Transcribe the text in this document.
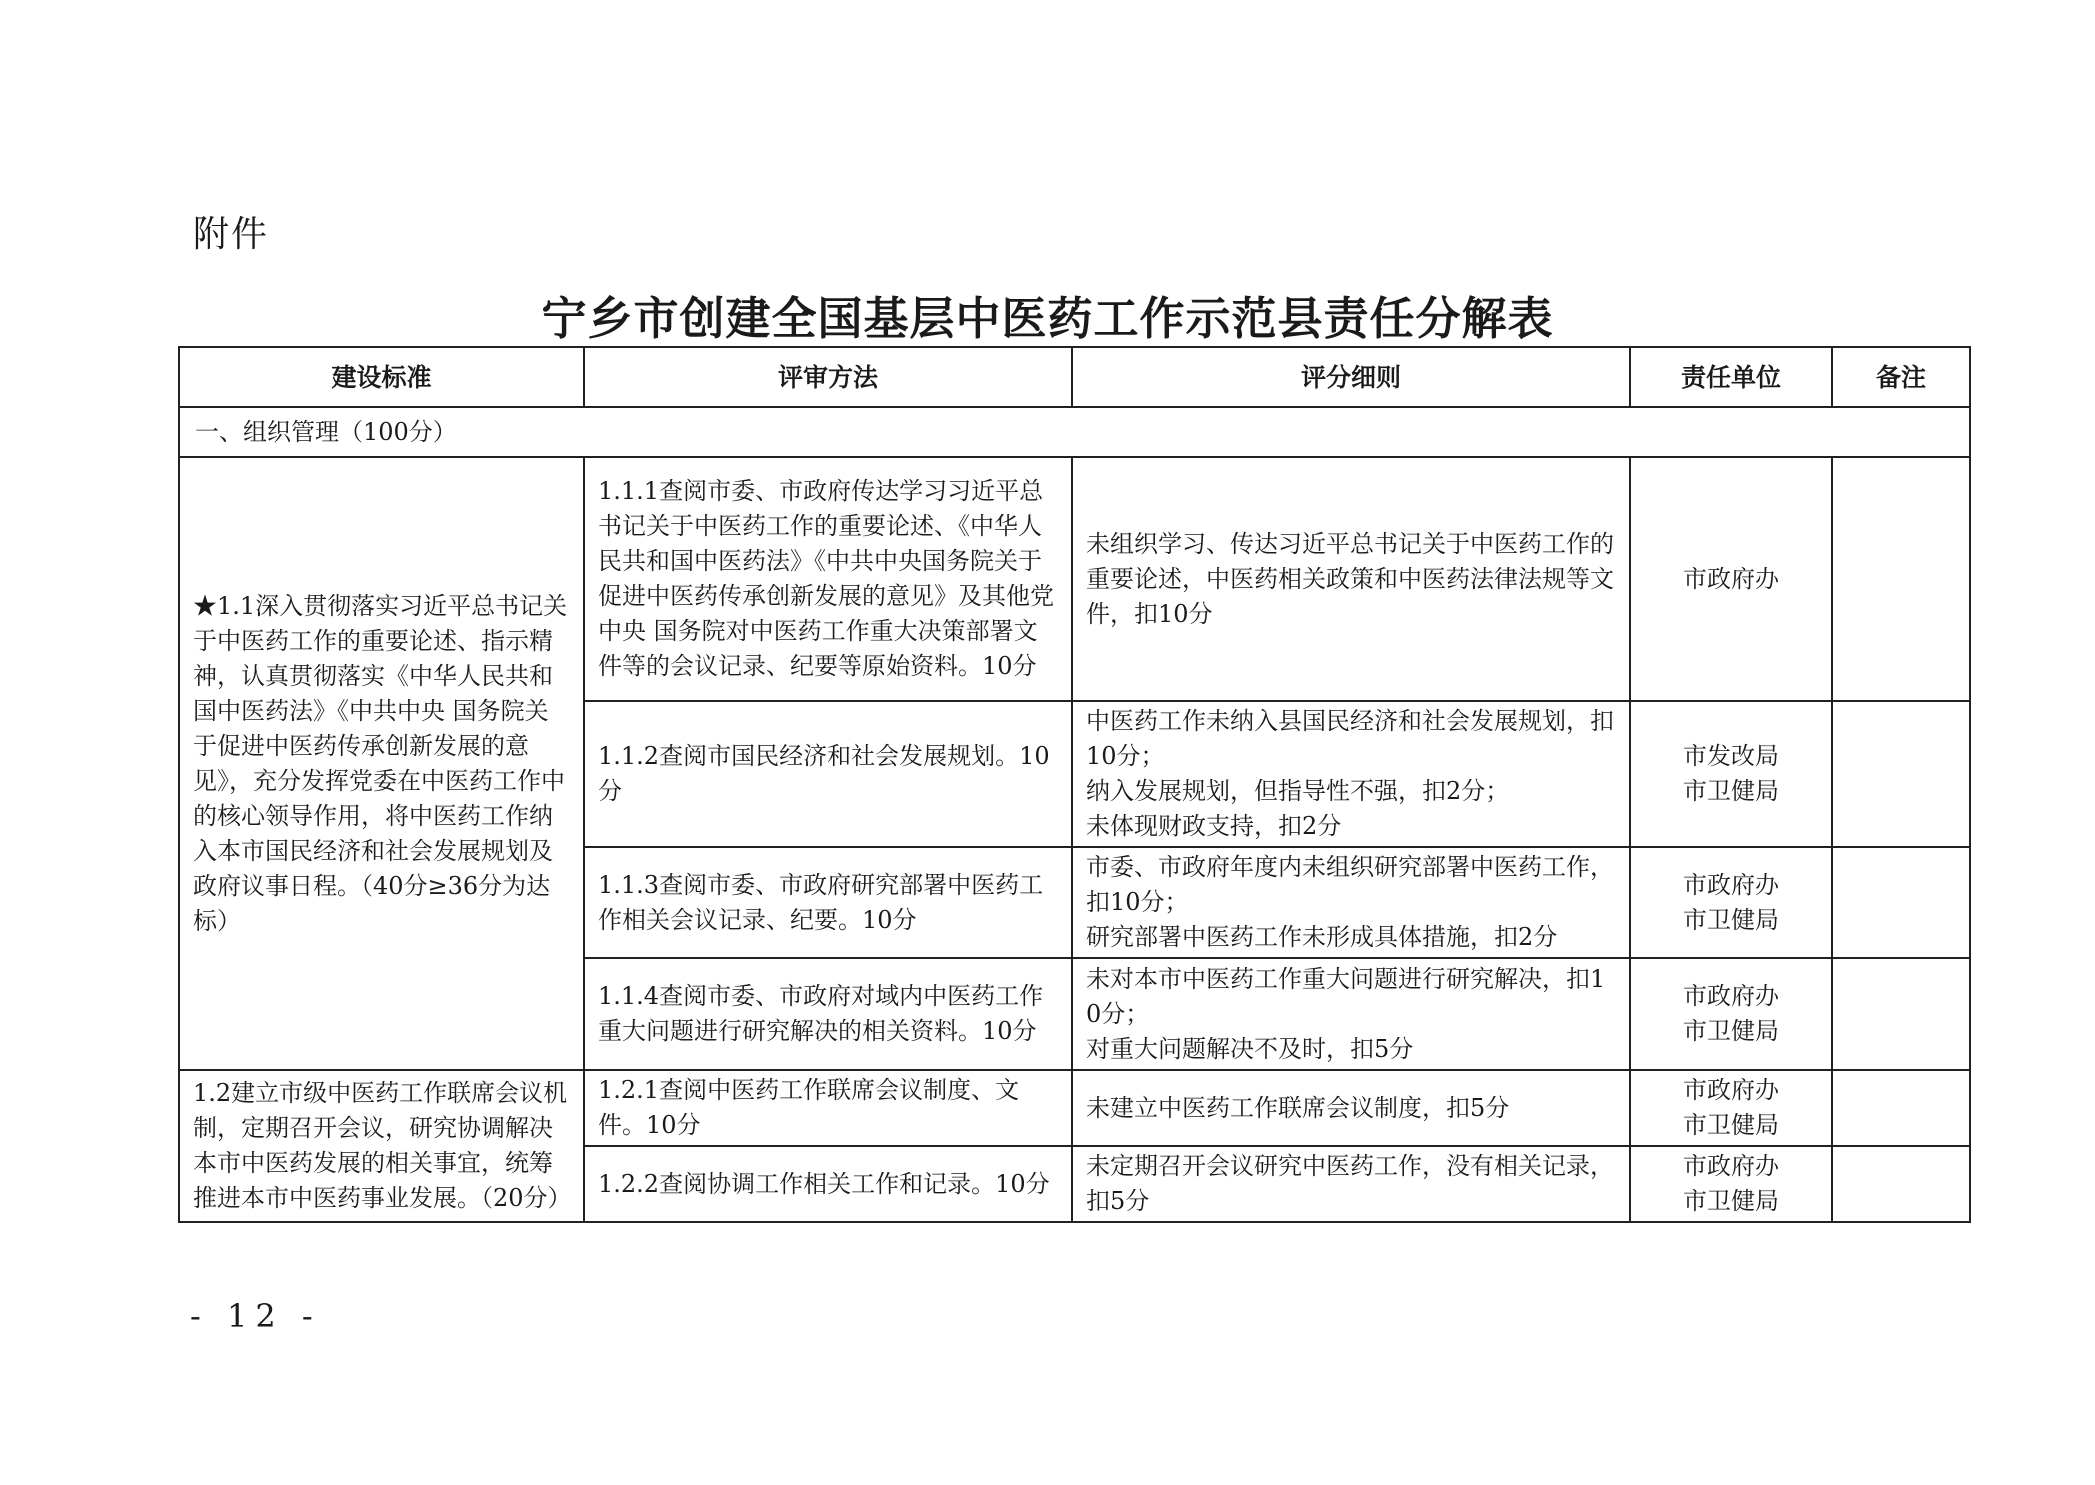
附件
宁乡市创建全国基层中医药工作示范县责任分解表
建设标准	评审方法	评分细则	责任单位	备注
一、组织管理（100分）				
★1.1深入贯彻落实习近平总书记关于中医药工作的重要论述、指示精神，认真贯彻落实《中华人民共和国中医药法》《中共中央 国务院关于促进中医药传承创新发展的意见》，充分发挥党委在中医药工作中的核心领导作用，将中医药工作纳入本市国民经济和社会发展规划及政府议事日程。（40分≥36分为达标）	1.1.1查阅市委、市政府传达学习习近平总书记关于中医药工作的重要论述、《中华人民共和国中医药法》《中共中央国务院关于促进中医药传承创新发展的意见》及其他党中央 国务院对中医药工作重大决策部署文件等的会议记录、纪要等原始资料。10分	未组织学习、传达习近平总书记关于中医药工作的重要论述，中医药相关政策和中医药法律法规等文件，扣10分	市政府办	
	1.1.2查阅市国民经济和社会发展规划。10分	中医药工作未纳入县国民经济和社会发展规划，扣10分；
纳入发展规划，但指导性不强，扣2分；
未体现财政支持，扣2分	市发改局
市卫健局	
	1.1.3查阅市委、市政府研究部署中医药工作相关会议记录、纪要。10分	市委、市政府年度内未组织研究部署中医药工作，扣10分；
研究部署中医药工作未形成具体措施，扣2分	市政府办
市卫健局	
	1.1.4查阅市委、市政府对域内中医药工作重大问题进行研究解决的相关资料。10分	未对本市中医药工作重大问题进行研究解决，扣10分；
对重大问题解决不及时，扣5分	市政府办
市卫健局	
1.2建立市级中医药工作联席会议机制，定期召开会议，研究协调解决本市中医药发展的相关事宜，统筹推进本市中医药事业发展。（20分）	1.2.1查阅中医药工作联席会议制度、文件。10分	未建立中医药工作联席会议制度，扣5分	市政府办
市卫健局	
	1.2.2查阅协调工作相关工作和记录。10分	未定期召开会议研究中医药工作，没有相关记录，扣5分	市政府办
市卫健局	
- 12 -
